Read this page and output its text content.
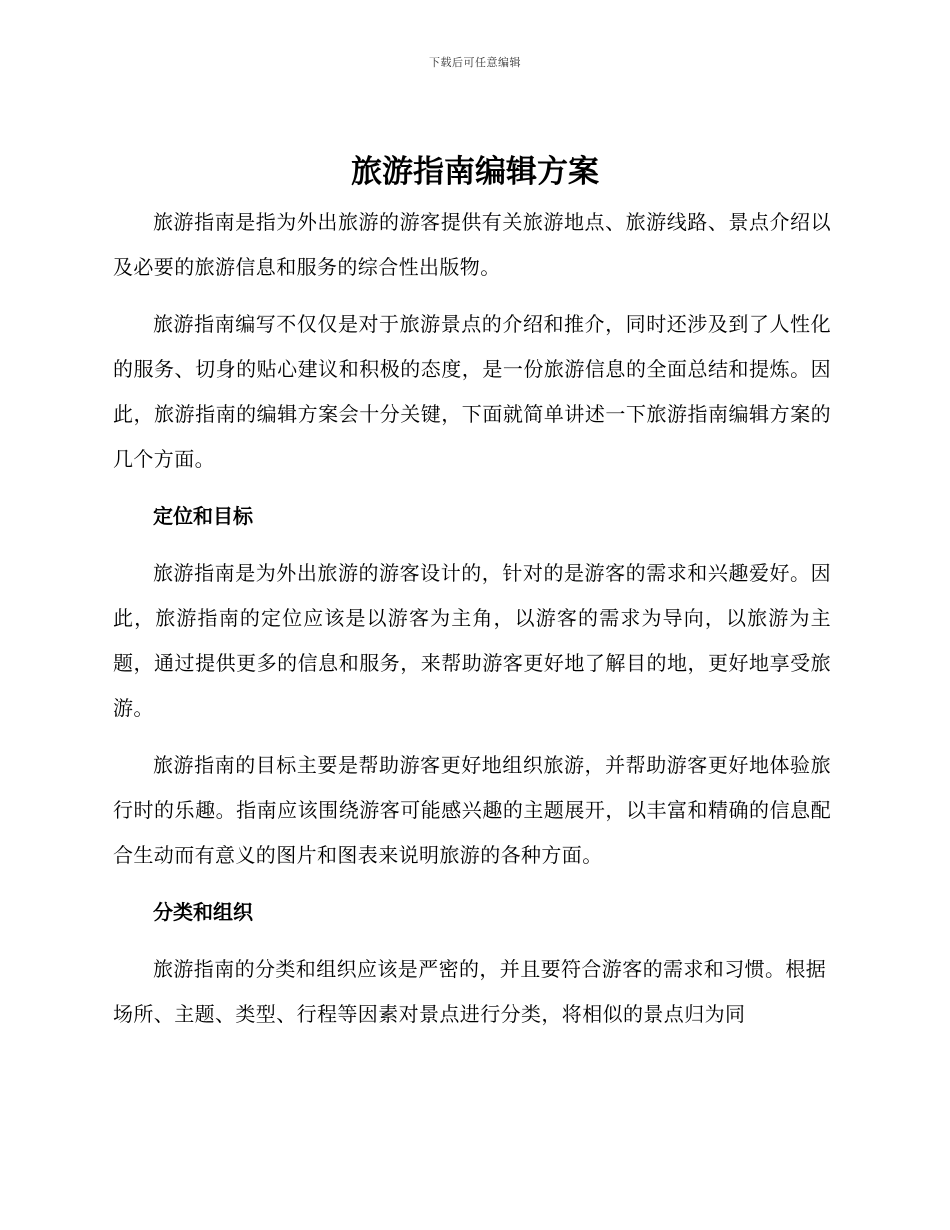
下载后可任意编辑
旅游指南编辑方案

旅游指南是指为外出旅游的游客提供有关旅游地点、旅游线路、景点介绍以及必要的旅游信息和服务的综合性出版物。

旅游指南编写不仅仅是对于旅游景点的介绍和推介，同时还涉及到了人性化的服务、切身的贴心建议和积极的态度，是一份旅游信息的全面总结和提炼。因此，旅游指南的编辑方案会十分关键，下面就简单讲述一下旅游指南编辑方案的几个方面。

定位和目标

旅游指南是为外出旅游的游客设计的，针对的是游客的需求和兴趣爱好。因此，旅游指南的定位应该是以游客为主角，以游客的需求为导向，以旅游为主题，通过提供更多的信息和服务，来帮助游客更好地了解目的地，更好地享受旅游。

旅游指南的目标主要是帮助游客更好地组织旅游，并帮助游客更好地体验旅行时的乐趣。指南应该围绕游客可能感兴趣的主题展开，以丰富和精确的信息配合生动而有意义的图片和图表来说明旅游的各种方面。

分类和组织

旅游指南的分类和组织应该是严密的，并且要符合游客的需求和习惯。根据场所、主题、类型、行程等因素对景点进行分类，将相似的景点归为同
